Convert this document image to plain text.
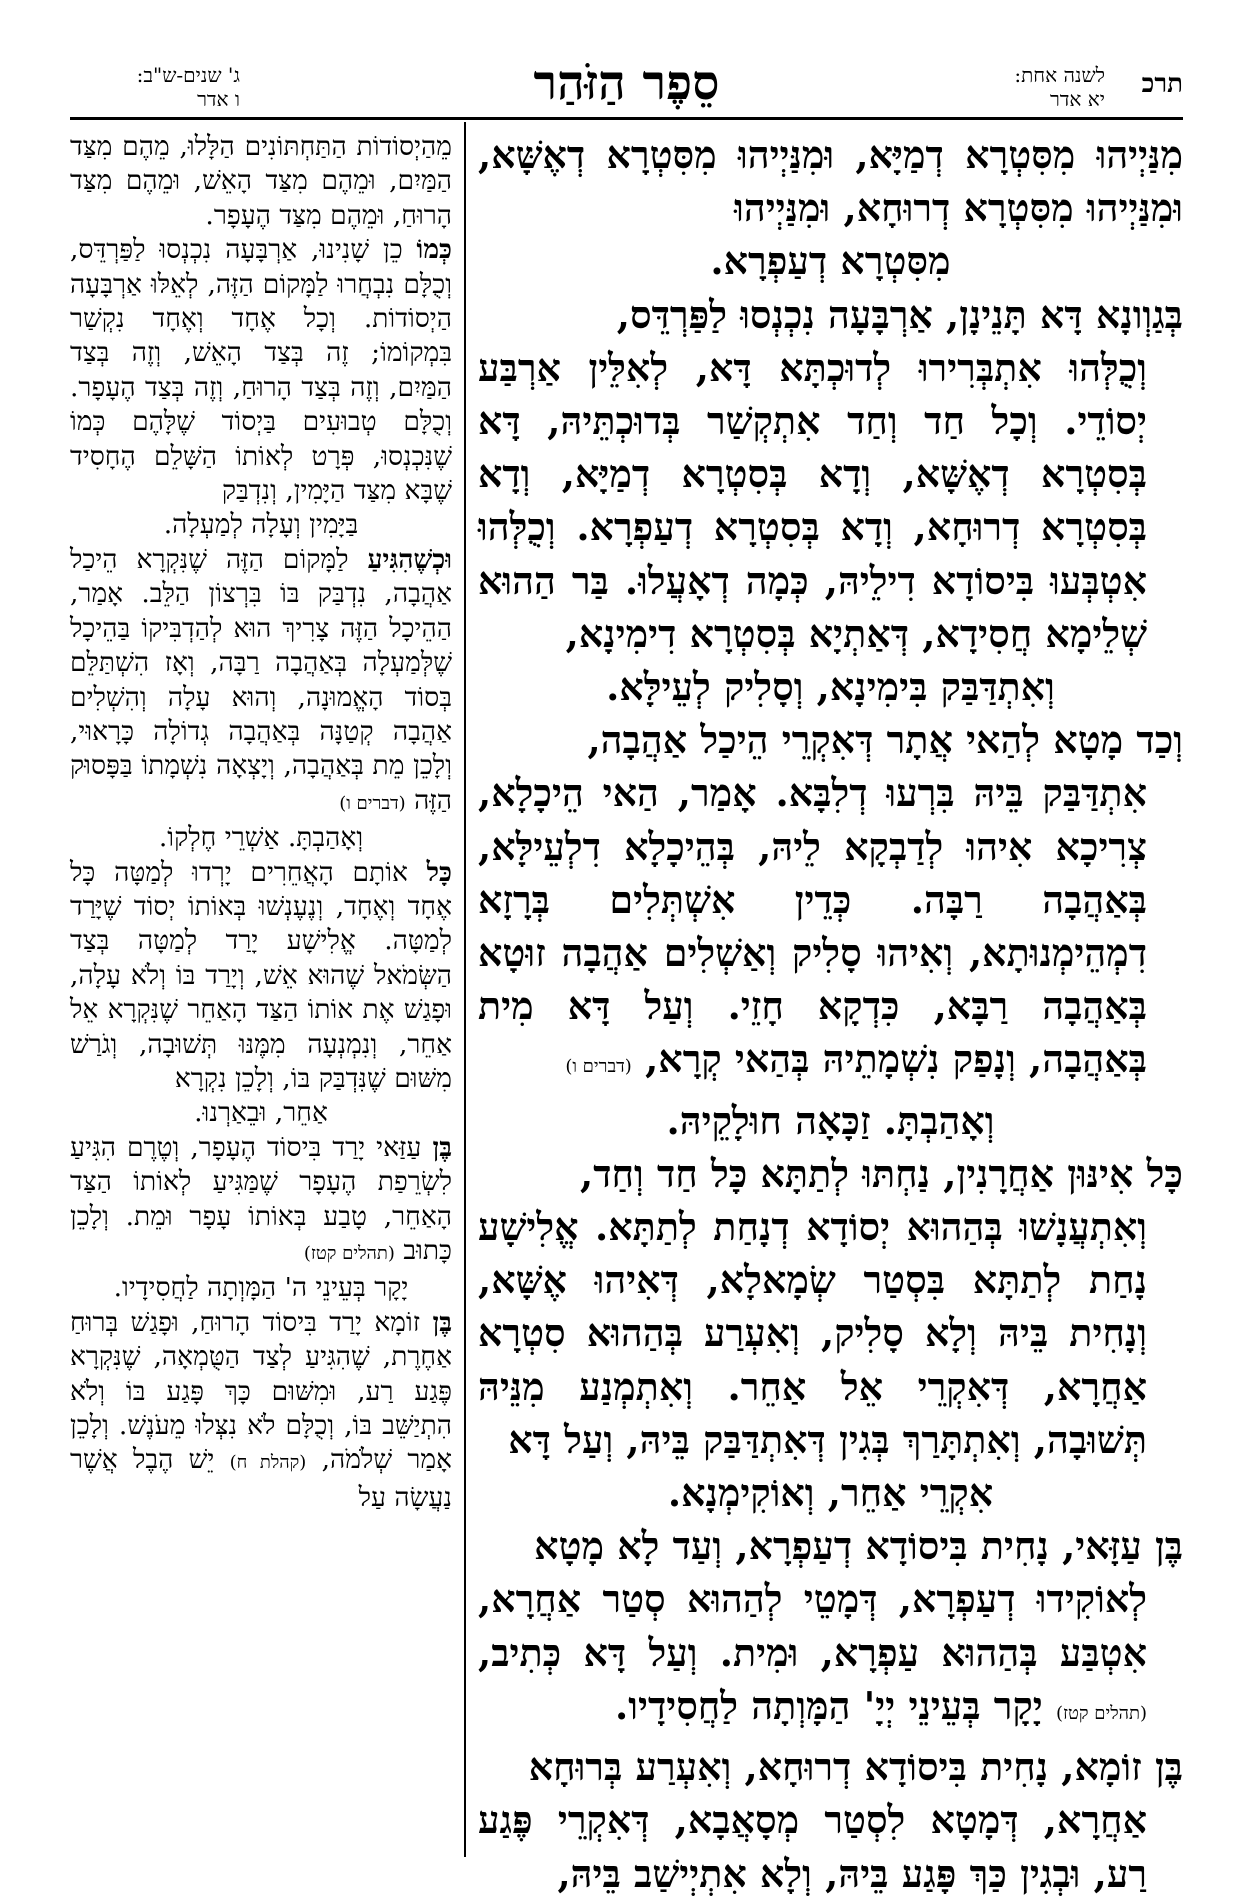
תרכ
לשנה אחת:
יא אדר
סֵפֶר הַזֹּהַר
ג' שנים-ש"ב:
ו אדר

מִנַּיְיהוּ מִסִּטְרָא דְמַיָּא, וּמִנַּיְיהוּ מִסִּטְרָא דְאֶשָּׁא, וּמִנַּיְיהוּ מִסִּטְרָא דְרוּחָא, וּמִנַּיְיהוּ

מִסִּטְרָא דְעַפְרָא.

בְּגַוְונָא דָּא תָּנֵינָן, אַרְבָּעָה נִכְנְסוּ לַפַּרְדֵּס,

וְכֻלְּהוּ אִתְבְּרִירוּ לְדוּכְתָּא דָּא, לְאִלֵּין אַרְבַּע יְסוֹדֵי. וְכָל חַד וְחַד אִתְקְשַׁר בְּדוּכְתֵּיהּ, דָּא בְּסִטְרָא דְאֶשָּׁא, וְדָא בְּסִטְרָא דְמַיָּא, וְדָא בְּסִטְרָא דְרוּחָא, וְדָא בְּסִטְרָא דְעַפְרָא. וְכֻלְּהוּ אִטְבְּעוּ בִּיסוֹדָא דִילֵיהּ, כְּמָה דְאָעֲלוּ. בַּר הַהוּא שְׁלֵימָא חֲסִידָא, דְּאַתְיָא בְּסִטְרָא דִימִינָא,

וְאִתְדַּבַּק בִּימִינָא, וְסָלִיק לְעֵילָּא.

וְכַד מָטָא לְהַאי אֲתָר דְּאִקְרֵי הֵיכַל אַהֲבָה,

אִתְדַּבַּק בֵּיהּ בִּרְעוּ דְלִבָּא. אָמַר, הַאי הֵיכָלָא, צְרִיכָא אִיהוּ לְדַבְקָא לֵיהּ, בְּהֵיכָלָא דִלְעֵילָּא, בְּאַהֲבָה רַבָּה. כְּדֵין אִשְׁתְּלִים בְּרָזָא דִמְהֵימְנוּתָא, וְאִיהוּ סָלִיק וְאַשְׁלִים אַהֲבָה זוּטָא בְּאַהֲבָה רַבָּא, כִּדְקָא חָזֵי. וְעַל דָּא מִית בְּאַהֲבָה, וְנָפַק נִשְׁמָתֵיהּ בְּהַאי קְרָא, (דברים ו)

וְאָהַבְתָּ. זַכָּאָה חוּלָקֵיהּ.

כָּל אִינּוּן אַחֲרָנִין, נַחְתּוּ לְתַתָּא כָּל חַד וְחַד,

וְאִתְעֲנָשׁוּ בְּהַהוּא יְסוֹדָא דְנָחַת לְתַתָּא. אֱלִישָׁע נָחַת לְתַתָּא בִּסְטַר שְׂמָאלָא, דְּאִיהוּ אֶשָּׁא, וְנָחִית בֵּיהּ וְלָא סָלִיק, וְאִעְרַע בְּהַהוּא סִטְרָא אַחֲרָא, דְּאִקְרֵי אֵל אַחֵר. וְאִתְמְנַע מִנֵּיהּ תְּשׁוּבָה, וְאִתְתָּרַךְ בְּגִין דְּאִתְדַּבַּק בֵּיהּ, וְעַל דָּא

אִקְרֵי אַחֵר, וְאוֹקִימְנָא.

בֶּן עַזָּאי, נָחִית בִּיסוֹדָא דְעַפְרָא, וְעַד לָא מָטָא

לְאוֹקִידוּ דְעַפְרָא, דְּמָטֵי לְהַהוּא סְטַר אַחֲרָא, אִטְבַּע בְּהַהוּא עַפְרָא, וּמִית. וְעַל דָּא כְּתִיב, (תהלים קטז) יָקָר בְּעֵינֵי יְיָ' הַמָּוְתָה לַחֲסִידָיו.

בֶּן זוֹמָא, נָחִית בִּיסוֹדָא דְרוּחָא, וְאִעְרַע בְּרוּחָא

אַחֲרָא, דְּמָטָא לִסְטַר מְסָאֲבָא, דְּאִקְרֵי פֶּגַע רַע, וּבְגִין כַּךְ פָּגַע בֵּיהּ, וְלָא אִתְיְישַׁב בֵּיהּ,

מֵהַיְסוֹדוֹת הַתַּחְתּוֹנִים הַלָּלוּ, מֵהֶם מִצַּד הַמַּיִם, וּמֵהֶם מִצַּד הָאֵשׁ, וּמֵהֶם מִצַּד הָרוּחַ, וּמֵהֶם מִצַּד הֶעָפָר.

כְּמוֹ כֵן שָׁנִינוּ, אַרְבָּעָה נִכְנְסוּ לַפַּרְדֵּס, וְכֻלָּם נִבְחֲרוּ לַמָּקוֹם הַזֶּה, לְאֵלּוּ אַרְבָּעָה הַיְסוֹדוֹת. וְכָל אֶחָד וְאֶחָד נִקְשַׁר בִּמְקוֹמוֹ; זֶה בְּצַד הָאֵשׁ, וְזֶה בְּצַד הַמַּיִם, וְזֶה בְּצַד הָרוּחַ, וְזֶה בְּצַד הֶעָפָר. וְכֻלָּם טְבוּעִים בַּיְסוֹד שֶׁלָּהֶם כְּמוֹ שֶׁנִּכְנְסוּ, פְּרָט לְאוֹתוֹ הַשָּׁלֵם הֶחָסִיד שֶׁבָּא מִצַּד הַיָּמִין, וְנִדְבַּק

בַּיָּמִין וְעָלָה לְמַעְלָה.

וּכְשֶׁהִגִּיעַ לַמָּקוֹם הַזֶּה שֶׁנִּקְרָא הֵיכַל אַהֲבָה, נִדְבַּק בּוֹ בִּרְצוֹן הַלֵּב. אָמַר, הַהֵיכָל הַזֶּה צָרִיךְ הוּא לְהַדְבִּיקוֹ בַּהֵיכָל שֶׁלְּמַעְלָה בְּאַהֲבָה רַבָּה, וְאָז הִשְׁתַּלֵּם בְּסוֹד הָאֱמוּנָה, וְהוּא עָלָה וְהִשְׁלִים אַהֲבָה קְטַנָּה בְּאַהֲבָה גְדוֹלָה כָּרָאוּי, וְלָכֵן מֵת בְּאַהֲבָה, וְיָצְאָה נִשְׁמָתוֹ בַּפָּסוּק הַזֶּה (דברים ו)

וְאָהַבְתָּ. אַשְׁרֵי חֶלְקוֹ.

כָּל אוֹתָם הָאֲחֵרִים יָרְדוּ לְמַטָּה כָּל אֶחָד וְאֶחָד, וְנֶעֶנְשׁוּ בְּאוֹתוֹ יְסוֹד שֶׁיָּרַד לְמַטָּה. אֱלִישָׁע יָרַד לְמַטָּה בְּצַד הַשְּׂמֹאל שֶׁהוּא אֵשׁ, וְיָרַד בּוֹ וְלֹא עָלָה, וּפָגַשׁ אֶת אוֹתוֹ הַצַּד הָאַחֵר שֶׁנִּקְרָא אֵל אַחֵר, וְנִמְנְעָה מִמֶּנּוּ תְּשׁוּבָה, וְגֹרַשׁ מִשּׁוּם שֶׁנִּדְבַּק בּוֹ, וְלָכֵן נִקְרָא

אַחֵר, וּבֵאַרְנוּ.

בֶּן עַזַּאי יָרַד בִּיסוֹד הֶעָפָר, וְטֶרֶם הִגִּיעַ לִשְׂרֵפַת הֶעָפָר שֶׁמַּגִּיעַ לְאוֹתוֹ הַצַּד הָאַחֵר, טָבַע בְּאוֹתוֹ עָפָר וּמֵת. וְלָכֵן כָּתוּב (תהלים קטז)

יָקָר בְּעֵינֵי ה' הַמָּוְתָה לַחֲסִידָיו.

בֶּן זוֹמָא יָרַד בִּיסוֹד הָרוּחַ, וּפָגַשׁ בְּרוּחַ אַחֶרֶת, שֶׁהִגִּיעַ לְצַד הַטֻּמְאָה, שֶׁנִּקְרָא פֶּגַע רַע, וּמִשּׁוּם כָּךְ פָּגַע בּוֹ וְלֹא הִתְיַשֵּׁב בּוֹ, וְכֻלָּם לֹא נִצְּלוּ מֵעֹנֶשׁ. וְלָכֵן אָמַר שְׁלֹמֹה, (קהלת ח) יֵשׁ הֶבֶל אֲשֶׁר נַעֲשָׂה עַל
